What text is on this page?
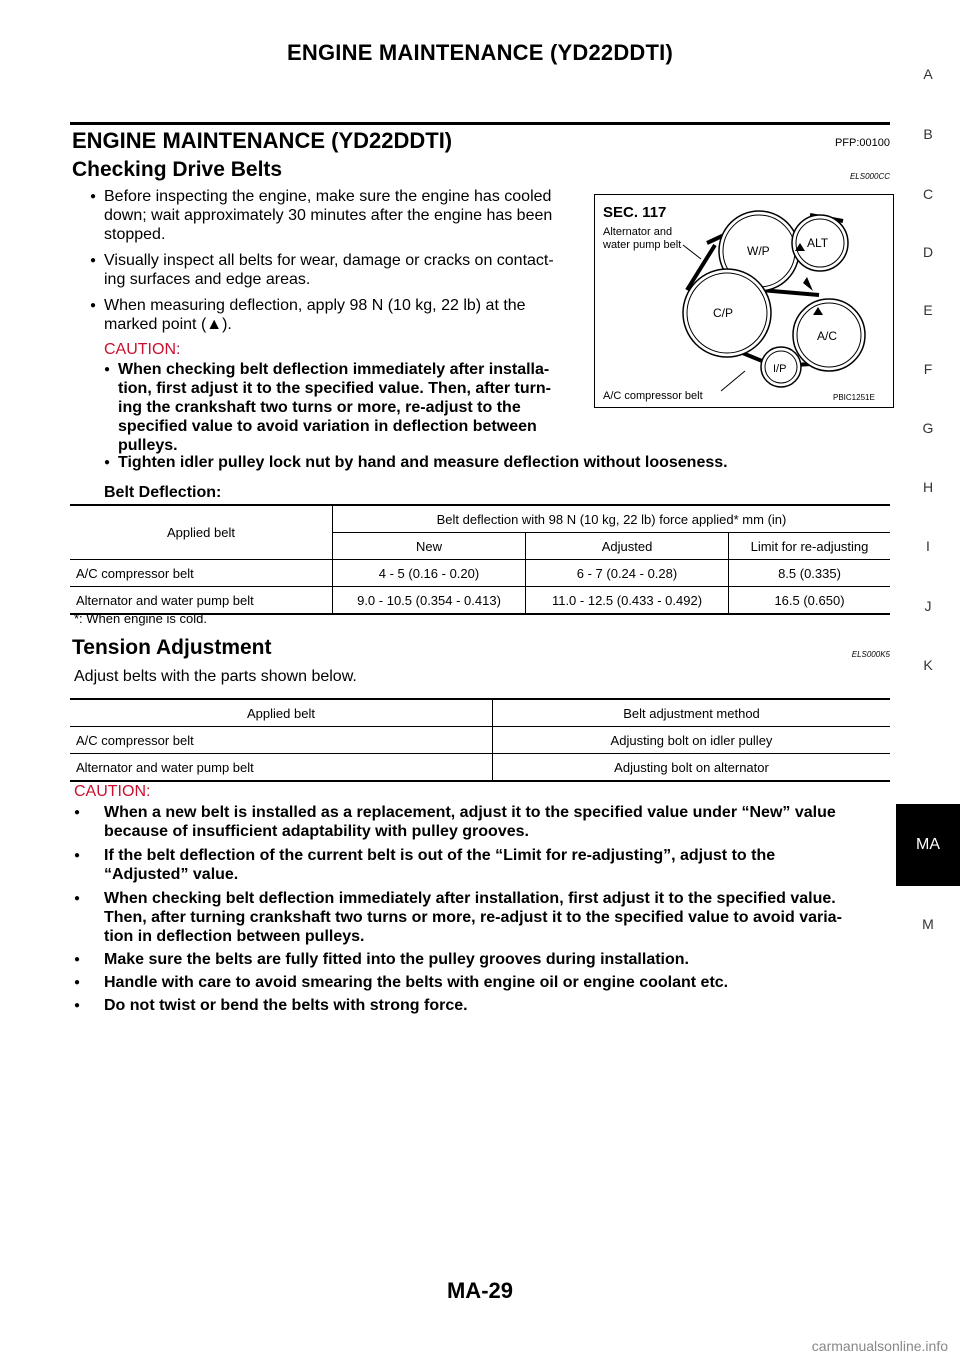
ENGINE MAINTENANCE (YD22DDTI)
ENGINE MAINTENANCE (YD22DDTI)	PFP:00100
Checking Drive Belts	ELS000CC
● Before inspecting the engine, make sure the engine has cooled
down; wait approximately 30 minutes after the engine has been
stopped.
● Visually inspect all belts for wear, damage or cracks on contact-
ing surfaces and edge areas.
● When measuring deflection, apply 98 N (10 kg, 22 lb) at the
marked point (▲).
CAUTION:
● When checking belt deflection immediately after installa-
tion, first adjust it to the specified value. Then, after turn-
ing the crankshaft two turns or more, re-adjust to the
specified value to avoid variation in deflection between
pulleys.
● Tighten idler pulley lock nut by hand and measure deflection without looseness.
Belt Deflection:
SEC. 117
Alternator and
water pump belt	W/P
ALT
C/P
A/C
I/P
A/C compressor belt	PBIC1251E
Applied belt	Belt deflection with 98 N (10 kg, 22 lb) force applied* mm (in)		
	New	Adjusted	Limit for re-adjusting
A/C compressor belt	4 - 5 (0.16 - 0.20)	6 - 7 (0.24 - 0.28)	8.5 (0.335)
Alternator and water pump belt	9.0 - 10.5 (0.354 - 0.413)	11.0 - 12.5 (0.433 - 0.492)	16.5 (0.650)
*: When engine is cold.
Tension Adjustment	ELS000K5
Adjust belts with the parts shown below.
Applied belt	Belt adjustment method
A/C compressor belt	Adjusting bolt on idler pulley
Alternator and water pump belt	Adjusting bolt on alternator
CAUTION:
●	When a new belt is installed as a replacement, adjust it to the specified value under “New” value
because of insufficient adaptability with pulley grooves.
●	If the belt deflection of the current belt is out of the “Limit for re-adjusting”, adjust to the
“Adjusted” value.
●	When checking belt deflection immediately after installation, first adjust it to the specified value.
Then, after turning crankshaft two turns or more, re-adjust it to the specified value to avoid varia-
tion in deflection between pulleys.
●	Make sure the belts are fully fitted into the pulley grooves during installation.
●	Handle with care to avoid smearing the belts with engine oil or engine coolant etc.
●	Do not twist or bend the belts with strong force.
A
B
C
D
E
F
G
H
I
J
K
MA
M
MA-29
carmanualsonline.info
